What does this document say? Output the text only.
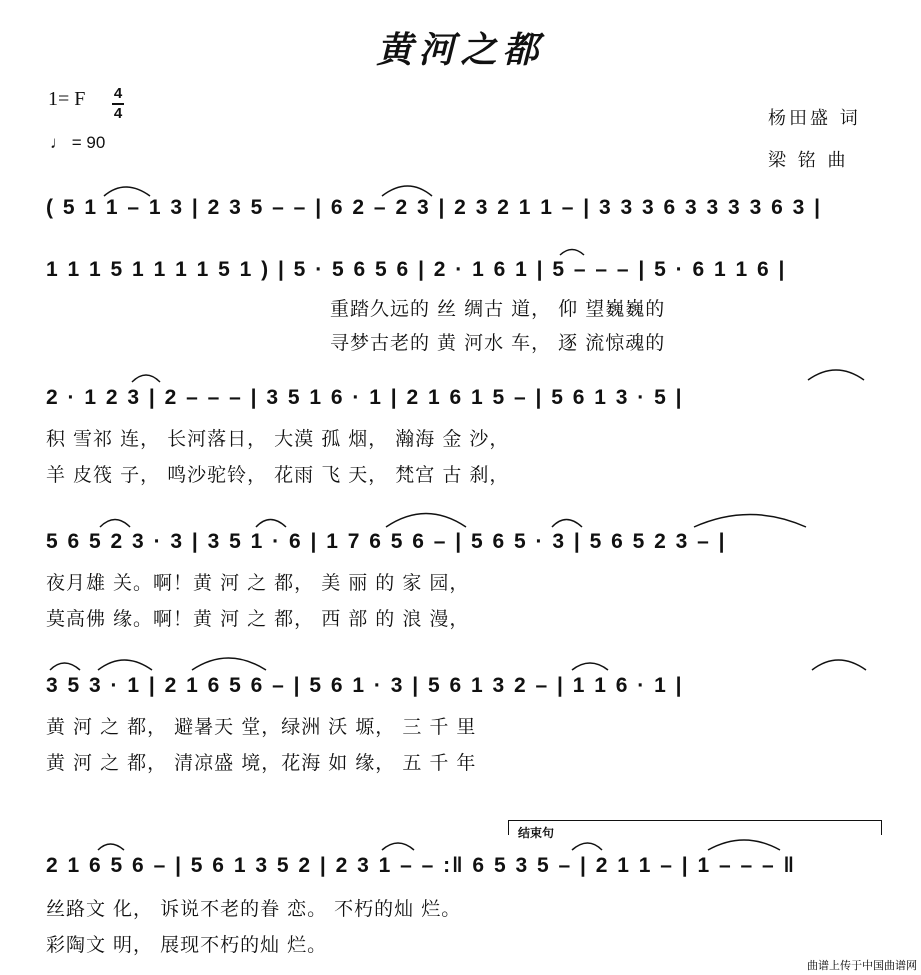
黄河之都
1= F 4
4
♩ = 90
杨田盛 词
梁 铭 曲
( 5 1 1 – 1 3 | 2 3 5 – – | 6 2 – 2 3 | 2 3 2 1 1 – | 3 3 3 6 3 3 3 3 6 3 |
1 1 1 5 1 1 1 1 5 1 ) | 5 · 5 6 5 6 | 2 · 1 6 1 | 5 – – – | 5 · 6 1 1 6 |
重踏久远的 丝 绸古 道， 仰 望巍巍的
寻梦古老的 黄 河水 车， 逐 流惊魂的
2 · 1 2 3 | 2 – – – | 3 5 1 6 · 1 | 2 1 6 1 5 – | 5 6 1 3 · 5 |
积 雪祁 连， 长河落日， 大漠 孤 烟， 瀚海 金 沙，
羊 皮筏 子， 鸣沙驼铃， 花雨 飞 天， 梵宫 古 刹，
5 6 5 2 3 · 3 | 3 5 1 · 6 | 1 7 6 5 6 – | 5 6 5 · 3 | 5 6 5 2 3 – |
夜月雄 关。啊！黄 河 之 都， 美 丽 的 家 园，
莫高佛 缘。啊！黄 河 之 都， 西 部 的 浪 漫，
3 5 3 · 1 | 2 1 6 5 6 – | 5 6 1 · 3 | 5 6 1 3 2 – | 1 1 6 · 1 |
黄 河 之 都， 避暑天 堂，绿洲 沃 塬， 三 千 里
黄 河 之 都， 清凉盛 境，花海 如 缘， 五 千 年
结束句
2 1 6 5 6 – | 5 6 1 3 5 2 | 2 3 1 – – :‖ 6 5 3 5 – | 2 1 1 – | 1 – – – ‖
丝路文 化， 诉说不老的眷 恋。 不朽的灿 烂。
彩陶文 明， 展现不朽的灿 烂。
曲谱上传于中国曲谱网
